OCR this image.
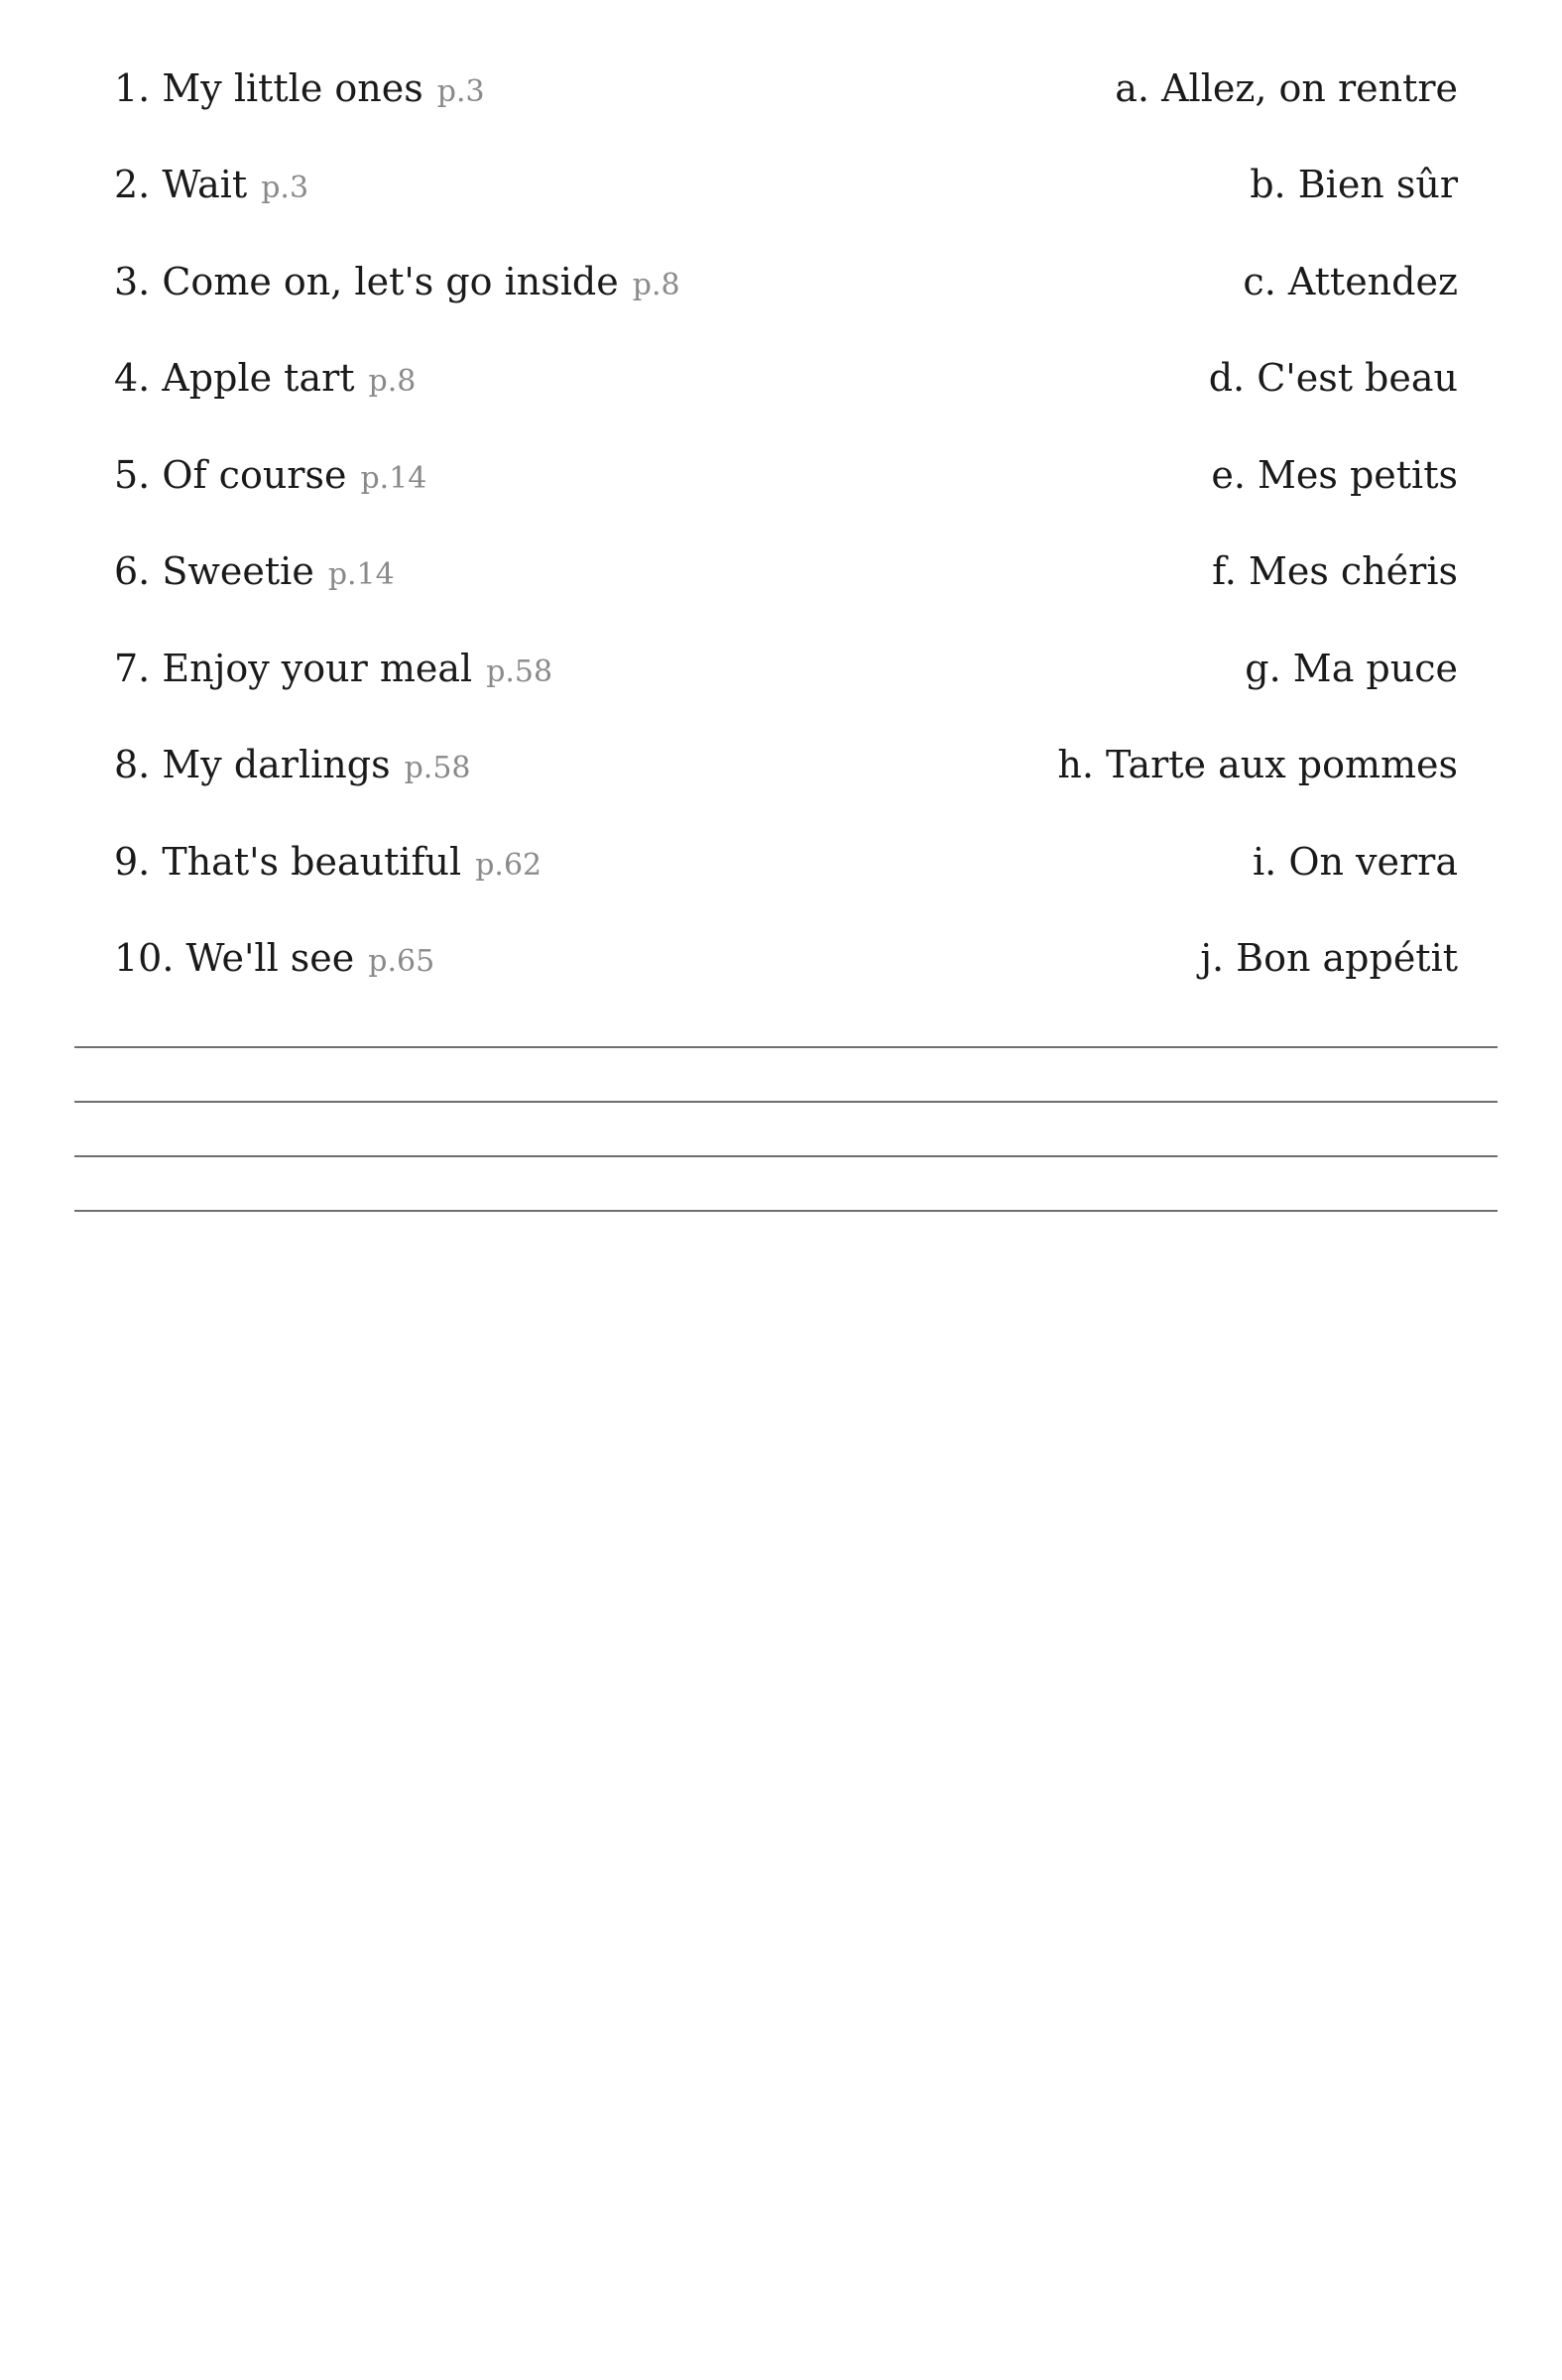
1. My little ones p.3	a. Allez, on rentre
2. Wait p.3	b. Bien sûr
3. Come on, let's go inside p.8	c. Attendez
4. Apple tart p.8	d. C'est beau
5. Of course p.14	e. Mes petits
6. Sweetie p.14	f. Mes chéris
7. Enjoy your meal p.58	g. Ma puce
8. My darlings p.58	h. Tarte aux pommes
9. That's beautiful p.62	i. On verra
10. We'll see p.65	j. Bon appétit
